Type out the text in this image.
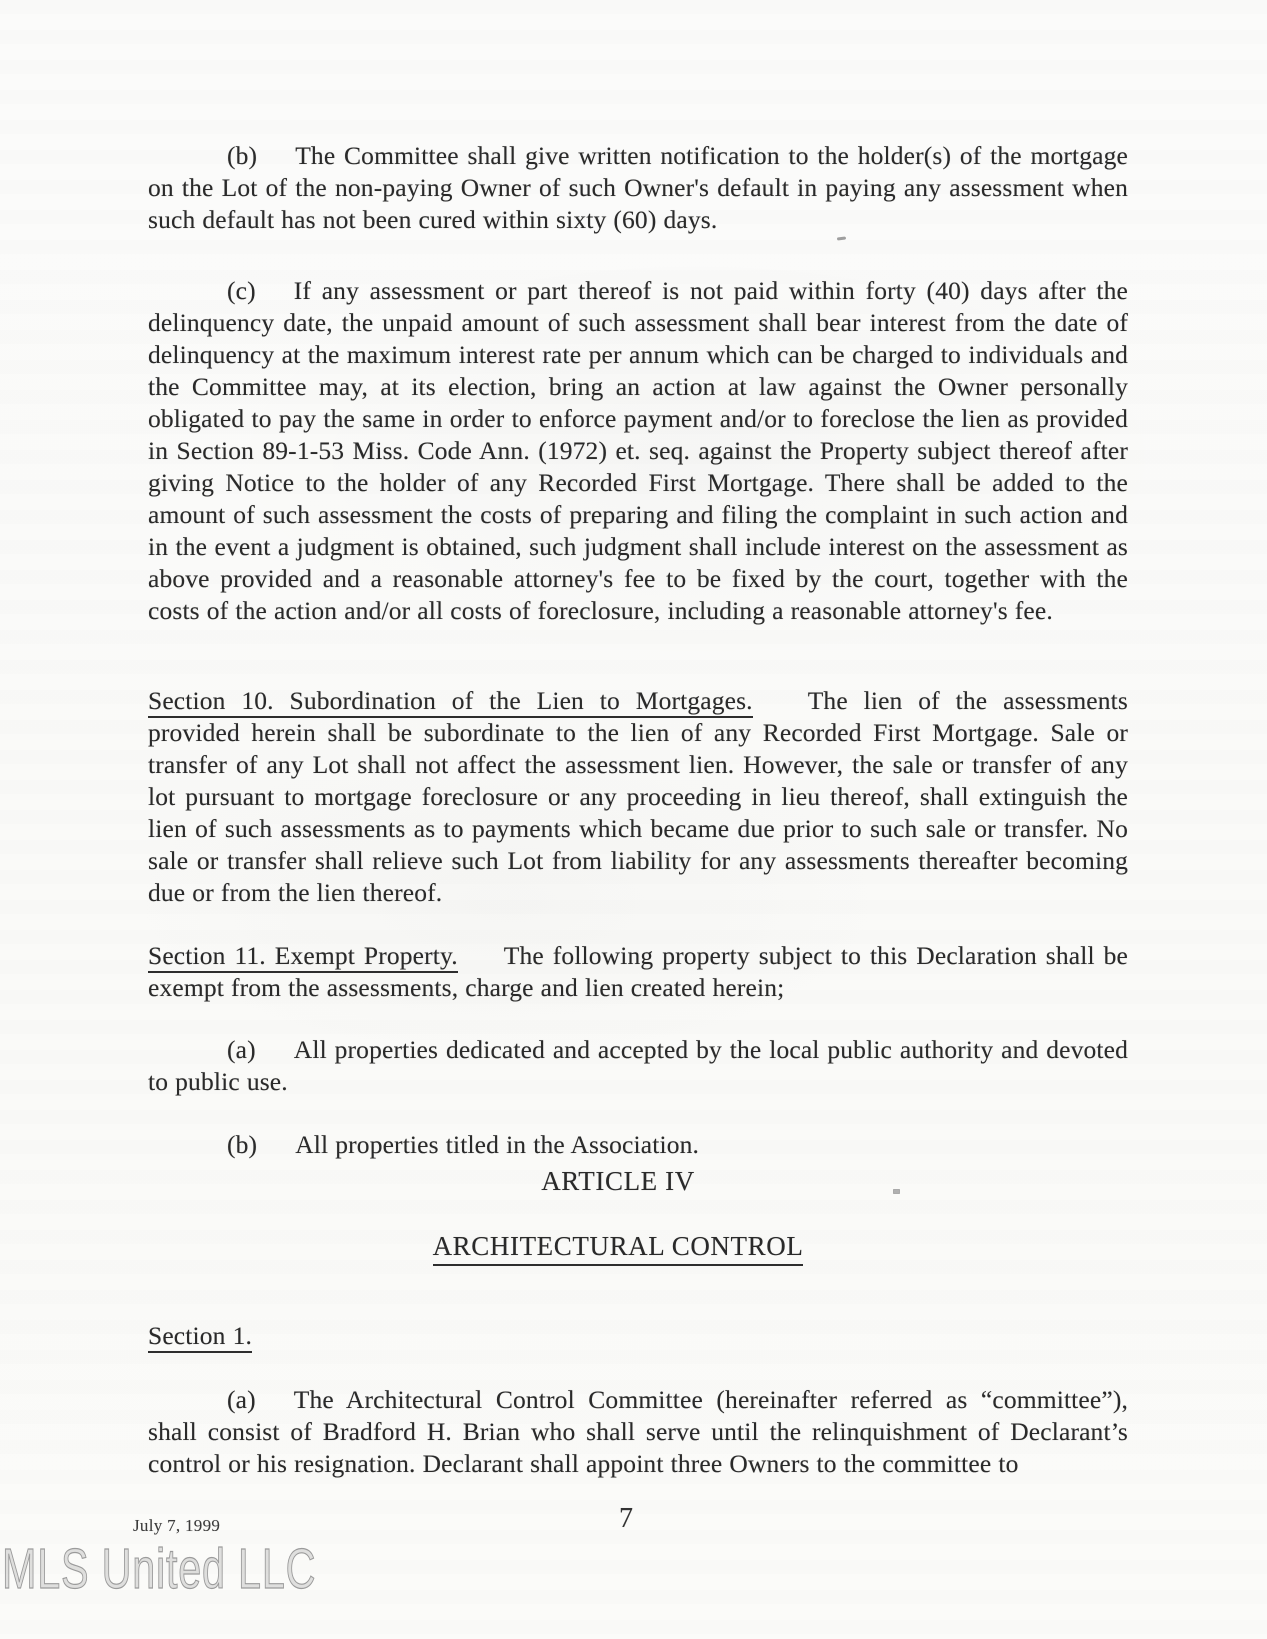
(b) The Committee shall give written notification to the holder(s) of the mortgage on the Lot of the non-paying Owner of such Owner's default in paying any assessment when such default has not been cured within sixty (60) days.

(c) If any assessment or part thereof is not paid within forty (40) days after the delinquency date, the unpaid amount of such assessment shall bear interest from the date of delinquency at the maximum interest rate per annum which can be charged to individuals and the Committee may, at its election, bring an action at law against the Owner personally obligated to pay the same in order to enforce payment and/or to foreclose the lien as provided in Section 89-1-53 Miss. Code Ann. (1972) et. seq. against the Property subject thereof after giving Notice to the holder of any Recorded First Mortgage. There shall be added to the amount of such assessment the costs of preparing and filing the complaint in such action and in the event a judgment is obtained, such judgment shall include interest on the assessment as above provided and a reasonable attorney's fee to be fixed by the court, together with the costs of the action and/or all costs of foreclosure, including a reasonable attorney's fee.

Section 10. Subordination of the Lien to Mortgages. The lien of the assessments provided herein shall be subordinate to the lien of any Recorded First Mortgage. Sale or transfer of any Lot shall not affect the assessment lien. However, the sale or transfer of any lot pursuant to mortgage foreclosure or any proceeding in lieu thereof, shall extinguish the lien of such assessments as to payments which became due prior to such sale or transfer. No sale or transfer shall relieve such Lot from liability for any assessments thereafter becoming due or from the lien thereof.

Section 11. Exempt Property. The following property subject to this Declaration shall be exempt from the assessments, charge and lien created herein;

(a) All properties dedicated and accepted by the local public authority and devoted to public use.

(b) All properties titled in the Association.

ARTICLE IV
ARCHITECTURAL CONTROL

Section 1.

(a) The Architectural Control Committee (hereinafter referred as “committee”), shall consist of Bradford H. Brian who shall serve until the relinquishment of Declarant’s control or his resignation. Declarant shall appoint three Owners to the committee to

July 7, 1999	7
MLS United LLC
